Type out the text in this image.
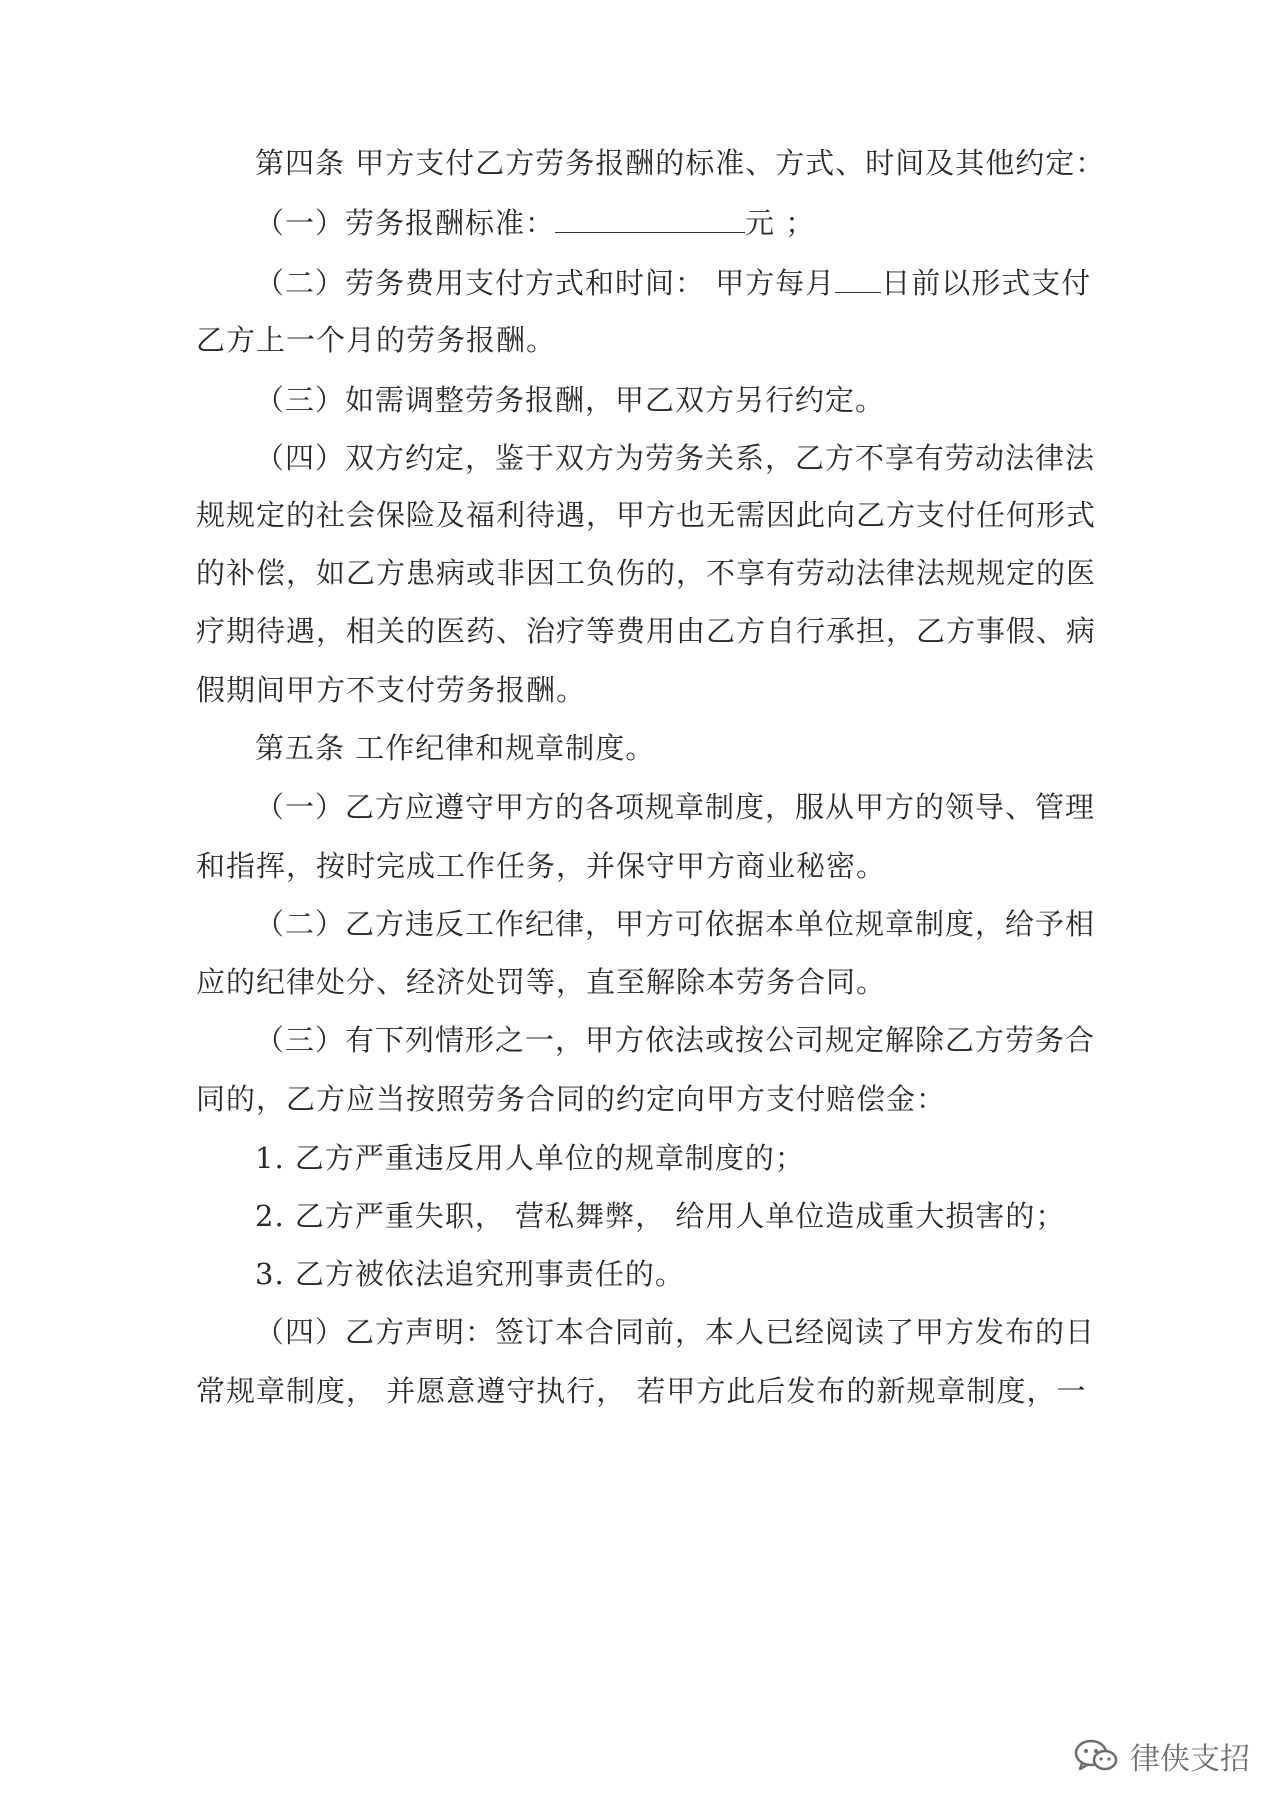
第四条 甲方支付乙方劳务报酬的标准、方式、时间及其他约定：
（一）劳务报酬标准：	元 ；
（二）劳务费用支付方式和时间： 甲方每月 日前以形式支付
乙方上一个月的劳务报酬。
（三）如需调整劳务报酬，甲乙双方另行约定。
（四）双方约定，鉴于双方为劳务关系，乙方不享有劳动法律法
规规定的社会保险及福利待遇，甲方也无需因此向乙方支付任何形式
的补偿，如乙方患病或非因工负伤的，不享有劳动法律法规规定的医
疗期待遇，相关的医药、治疗等费用由乙方自行承担，乙方事假、病
假期间甲方不支付劳务报酬。
第五条 工作纪律和规章制度。
（一）乙方应遵守甲方的各项规章制度，服从甲方的领导、管理
和指挥，按时完成工作任务，并保守甲方商业秘密。
（二）乙方违反工作纪律，甲方可依据本单位规章制度，给予相
应的纪律处分、经济处罚等，直至解除本劳务合同。
（三）有下列情形之一，甲方依法或按公司规定解除乙方劳务合
同的，乙方应当按照劳务合同的约定向甲方支付赔偿金：
1. 乙方严重违反用人单位的规章制度的；
2. 乙方严重失职， 营私舞弊， 给用人单位造成重大损害的；
3. 乙方被依法追究刑事责任的。
（四）乙方声明：签订本合同前，本人已经阅读了甲方发布的日
常规章制度， 并愿意遵守执行， 若甲方此后发布的新规章制度，一
律侠支招
